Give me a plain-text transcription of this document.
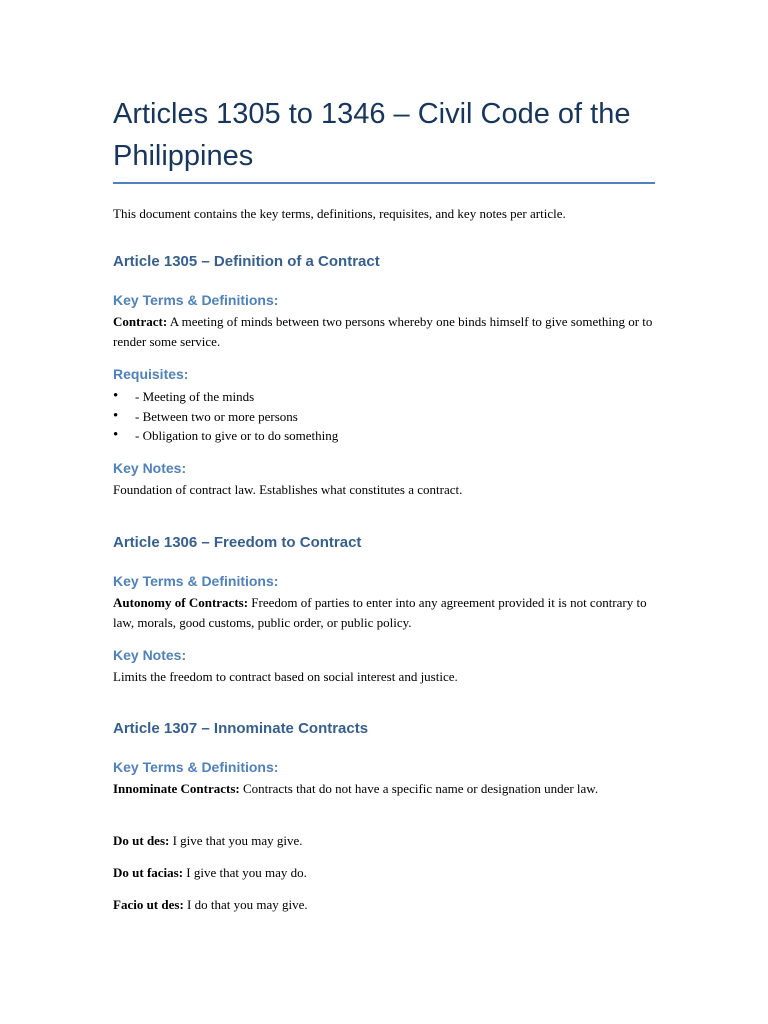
Articles 1305 to 1346 – Civil Code of the Philippines

This document contains the key terms, definitions, requisites, and key notes per article.

Article 1305 – Definition of a Contract
Key Terms & Definitions:

Contract: A meeting of minds between two persons whereby one binds himself to give something or to render some service.

Requisites:
• - Meeting of the minds
• - Between two or more persons
• - Obligation to give or to do something
Key Notes:

Foundation of contract law. Establishes what constitutes a contract.

Article 1306 – Freedom to Contract
Key Terms & Definitions:

Autonomy of Contracts: Freedom of parties to enter into any agreement provided it is not contrary to law, morals, good customs, public order, or public policy.

Key Notes:

Limits the freedom to contract based on social interest and justice.

Article 1307 – Innominate Contracts
Key Terms & Definitions:

Innominate Contracts: Contracts that do not have a specific name or designation under law.

Do ut des: I give that you may give.

Do ut facias: I give that you may do.

Facio ut des: I do that you may give.
